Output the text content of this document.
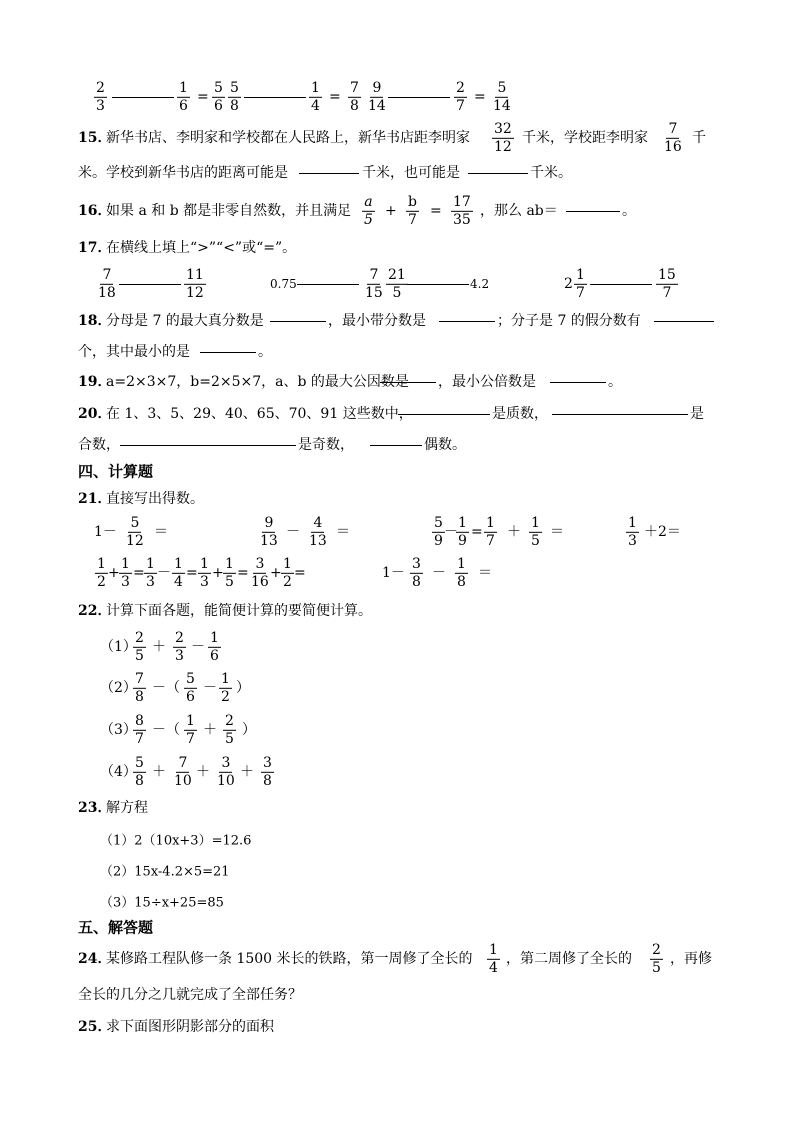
$\frac{2}{3}$	$\frac{1}{6} = \frac{5}{6} \frac{5}{8}$	$\frac{1}{4} = \frac{7}{8} \frac{9}{14}$	$\frac{2}{7} = \frac{5}{14}$
15．
新华书店、李明家和学校都在人民路上，新华书店距李明家 $\frac{32}{12}$ 千米，学校距李明家 $\frac{7}{16}$ 千
米。学校到新华书店的距离可能是	千米，也可能是	千米。
16．
如果 a 和 b 都是非零自然数，并且满足 $\frac{a}{5} + \frac{b}{7} = \frac{17}{35}$ ，那么 ab＝	。
17．
在横线上填上“>”“<”或“=”。
$\frac{7}{18}$	$\frac{11}{12}$	0.75	$\frac{7}{15} \frac{21}{5}$	4.2	$2 \frac{1}{7}$	$\frac{15}{7}$
18．
分母是 7 的最大真分数是	，最小带分数是	；分子是 7 的假分数有
个，其中最小的是	。
19．
a=2×3×7，b=2×5×7，a、b 的最大公因数是 ，最小公倍数是	。
20．
在 1、3、5、29、40、65、70、91 这些数中，	是质数，	是
合数，	是奇数，	偶数。
四、计算题
21．
直接写出得数。
$1- \frac{5}{12}$ ＝	$\frac{9}{13} - \frac{4}{13}$ ＝	$\frac{5}{9}$ －
$\frac{1}{9} = \frac{1}{7} + \frac{1}{5}$ ＝	$\frac{1}{3} +2=$
$\frac{1}{2} + \frac{1}{3} = \frac{1}{3} - \frac{1}{4} = \frac{1}{3} + \frac{1}{5} = \frac{3}{16} + \frac{1}{2}$ =	$1- \frac{3}{8} - \frac{1}{8}$ ＝
22．
计算下面各题，能简便计算的要简便计算。
（1）
$\frac{2}{5} + \frac{2}{3} - \frac{1}{6}$
（2）
$\frac{7}{8}$ －（ $\frac{5}{6} - \frac{1}{2}$ ）
（3）
$\frac{8}{7}$ －（ $\frac{1}{7} + \frac{2}{5}$ ）
（4）
$\frac{5}{8} + \frac{7}{10} + \frac{3}{10} + \frac{3}{8}$
23．
解方程
（1）2（10x+3）=12.6
（2）15x-4.2×5=21
（3）15÷x+25=85
五、解答题
24．
某修路工程队修一条 1500 米长的铁路，第一周修了全长的 $\frac{1}{4}$ ，第二周修了全长的 $\frac{2}{5}$ ，再修
全长的几分之几就完成了全部任务？
25．
求下面图形阴影部分的面积
